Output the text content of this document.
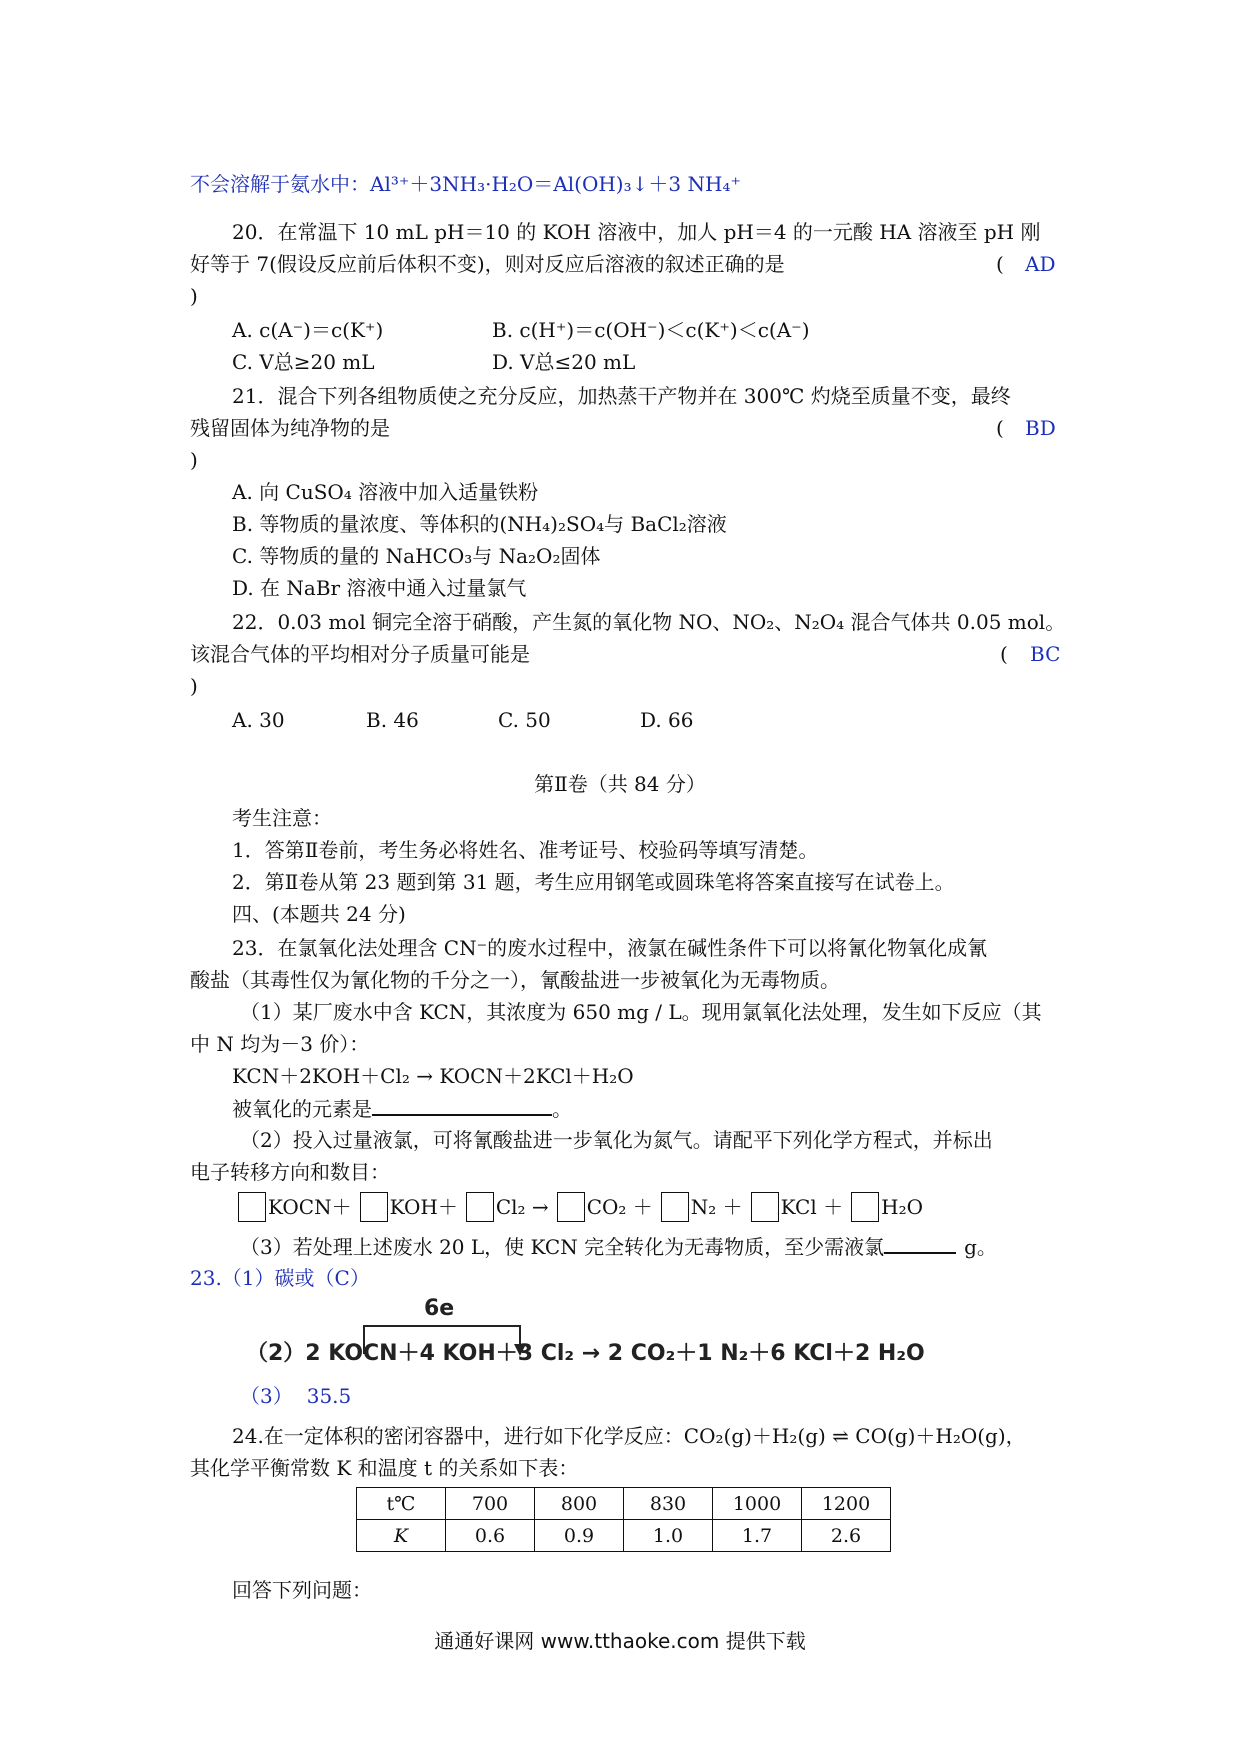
不会溶解于氨水中：Al³⁺＋3NH₃·H₂O＝Al(OH)₃↓＋3 NH₄⁺
20．在常温下 10 mL pH＝10 的 KOH 溶液中，加人 pH＝4 的一元酸 HA 溶液至 pH 刚
好等于 7(假设反应前后体积不变)，则对反应后溶液的叙述正确的是	( AD
)
A. c(A⁻)＝c(K⁺)	B. c(H⁺)＝c(OH⁻)＜c(K⁺)＜c(A⁻)
C. V总≥20 mL	D. V总≤20 mL
21．混合下列各组物质使之充分反应，加热蒸干产物并在 300℃ 灼烧至质量不变，最终
残留固体为纯净物的是	( BD
)
A. 向 CuSO₄ 溶液中加入适量铁粉
B. 等物质的量浓度、等体积的(NH₄)₂SO₄与 BaCl₂溶液
C. 等物质的量的 NaHCO₃与 Na₂O₂固体
D. 在 NaBr 溶液中通入过量氯气
22．0.03 mol 铜完全溶于硝酸，产生氮的氧化物 NO、NO₂、N₂O₄ 混合气体共 0.05 mol。
该混合气体的平均相对分子质量可能是	( BC
)
A. 30	B. 46	C. 50	D. 66
第Ⅱ卷（共 84 分）
考生注意：
1．答第Ⅱ卷前，考生务必将姓名、准考证号、校验码等填写清楚。
2．第Ⅱ卷从第 23 题到第 31 题，考生应用钢笔或圆珠笔将答案直接写在试卷上。
四、(本题共 24 分)
23．在氯氧化法处理含 CN⁻的废水过程中，液氯在碱性条件下可以将氰化物氧化成氰
酸盐（其毒性仅为氰化物的千分之一），氰酸盐进一步被氧化为无毒物质。
（1）某厂废水中含 KCN，其浓度为 650 mg / L。现用氯氧化法处理，发生如下反应（其
中 N 均为－3 价）：
KCN＋2KOH＋Cl₂ → KOCN＋2KCl＋H₂O
被氧化的元素是	。
（2）投入过量液氯，可将氰酸盐进一步氧化为氮气。请配平下列化学方程式，并标出
电子转移方向和数目：
KOCN＋ KOH＋ Cl₂ → CO₂ ＋ N₂ ＋ KCl ＋ H₂O
（3）若处理上述废水 20 L，使 KCN 完全转化为无毒物质，至少需液氯	g。
23.（1）碳或（C）
6e
（2）2 KOCN＋4 KOH＋3 Cl₂ → 2 CO₂＋1 N₂＋6 KCl＋2 H₂O
（3） 35.5
24.在一定体积的密闭容器中，进行如下化学反应：CO₂(g)＋H₂(g) ⇌ CO(g)＋H₂O(g)，
其化学平衡常数 K 和温度 t 的关系如下表：
t℃	700	800	830	1000	1200
K	0.6	0.9	1.0	1.7	2.6
回答下列问题：
通通好课网 www.tthaoke.com 提供下载
